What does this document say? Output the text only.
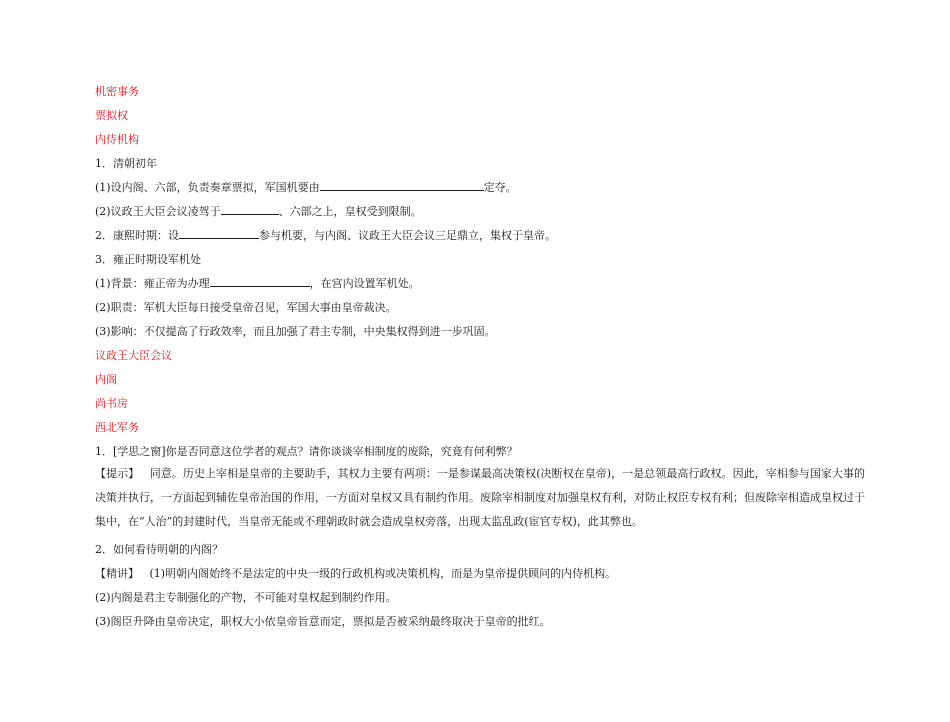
机密事务

票拟权

内侍机构

1．清朝初年

(1)设内阁、六部，负责奏章票拟，军国机要由	定夺。

(2)议政王大臣会议凌驾于	、六部之上，皇权受到限制。

2．康熙时期：设	参与机要，与内阁、议政王大臣会议三足鼎立，集权于皇帝。

3．雍正时期设军机处

(1)背景：雍正帝为办理	，在宫内设置军机处。

(2)职责：军机大臣每日接受皇帝召见，军国大事由皇帝裁决。

(3)影响：不仅提高了行政效率，而且加强了君主专制，中央集权得到进一步巩固。

议政王大臣会议

内阁

尚书房

西北军务

1．[学思之窗]你是否同意这位学者的观点？请你谈谈宰相制度的废除，究竟有何利弊？

【提示】 同意。历史上宰相是皇帝的主要助手，其权力主要有两项：一是参谋最高决策权(决断权在皇帝)，一是总领最高行政权。因此，宰相参与国家大事的决策并执行，一方面起到辅佐皇帝治国的作用，一方面对皇权又具有制约作用。废除宰相制度对加强皇权有利，对防止权臣专权有利；但废除宰相造成皇权过于集中，在“人治”的封建时代，当皇帝无能或不理朝政时就会造成皇权旁落，出现太监乱政(宦官专权)，此其弊也。

2．如何看待明朝的内阁？

【精讲】 (1)明朝内阁始终不是法定的中央一级的行政机构或决策机构，而是为皇帝提供顾问的内侍机构。

(2)内阁是君主专制强化的产物，不可能对皇权起到制约作用。

(3)阁臣升降由皇帝决定，职权大小依皇帝旨意而定，票拟是否被采纳最终取决于皇帝的批红。
